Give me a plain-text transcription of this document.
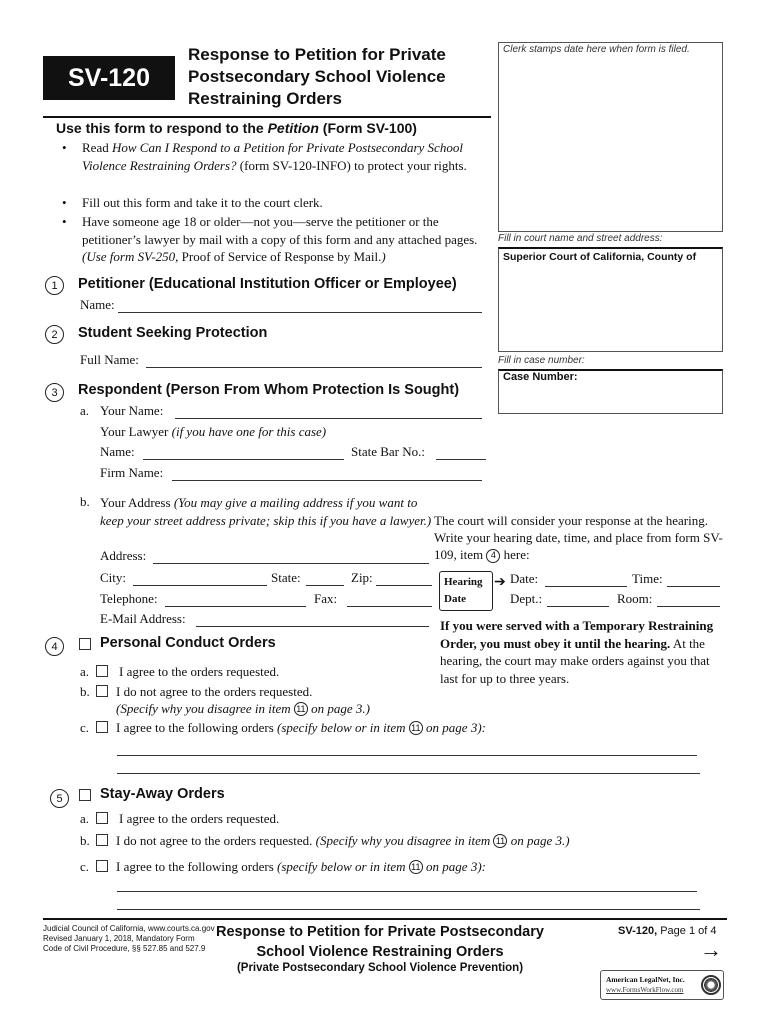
SV-120
Response to Petition for Private
Postsecondary School Violence
Restraining Orders
Clerk stamps date here when form is filed.
Use this form to respond to the Petition (Form SV-100)
• Read How Can I Respond to a Petition for Private Postsecondary School Violence Restraining Orders? (form SV-120-INFO) to protect your rights.
• Fill out this form and take it to the court clerk.
• Have someone age 18 or older—not you—serve the petitioner or the petitioner’s lawyer by mail with a copy of this form and any attached pages. (Use form SV-250, Proof of Service of Response by Mail.)
Fill in court name and street address:
Superior Court of California, County of
Fill in case number:
Case Number:
1	Petitioner (Educational Institution Officer or Employee)
Name:
2	Student Seeking Protection
Full Name:
3	Respondent (Person From Whom Protection Is Sought)
a. Your Name:
Your Lawyer (if you have one for this case)
Name:	State Bar No.:
Firm Name:
b. Your Address (You may give a mailing address if you want to keep your street address private; skip this if you have a lawyer.)
Address:
City:	State:	Zip:
Telephone:	Fax:
E-Mail Address:
The court will consider your response at the hearing. Write your hearing date, time, and place from form SV-109, item 4 here:
Hearing
Date
➔ Date:	Time:
Dept.:	Room:
If you were served with a Temporary Restraining Order, you must obey it until the hearing. At the hearing, the court may make orders against you that last for up to three years.
4	Personal Conduct Orders
a. I agree to the orders requested.
b. I do not agree to the orders requested.
(Specify why you disagree in item 11 on page 3.)
c. I agree to the following orders (specify below or in item 11 on page 3):
5	Stay-Away Orders
a. I agree to the orders requested.
b. I do not agree to the orders requested. (Specify why you disagree in item 11 on page 3.)
c. I agree to the following orders (specify below or in item 11 on page 3):
Judicial Council of California, www.courts.ca.gov
Revised January 1, 2018, Mandatory Form
Code of Civil Procedure, §§ 527.85 and 527.9
Response to Petition for Private Postsecondary
School Violence Restraining Orders
(Private Postsecondary School Violence Prevention)
SV-120, Page 1 of 4
→
American LegalNet, Inc.
www.FormsWorkFlow.com
